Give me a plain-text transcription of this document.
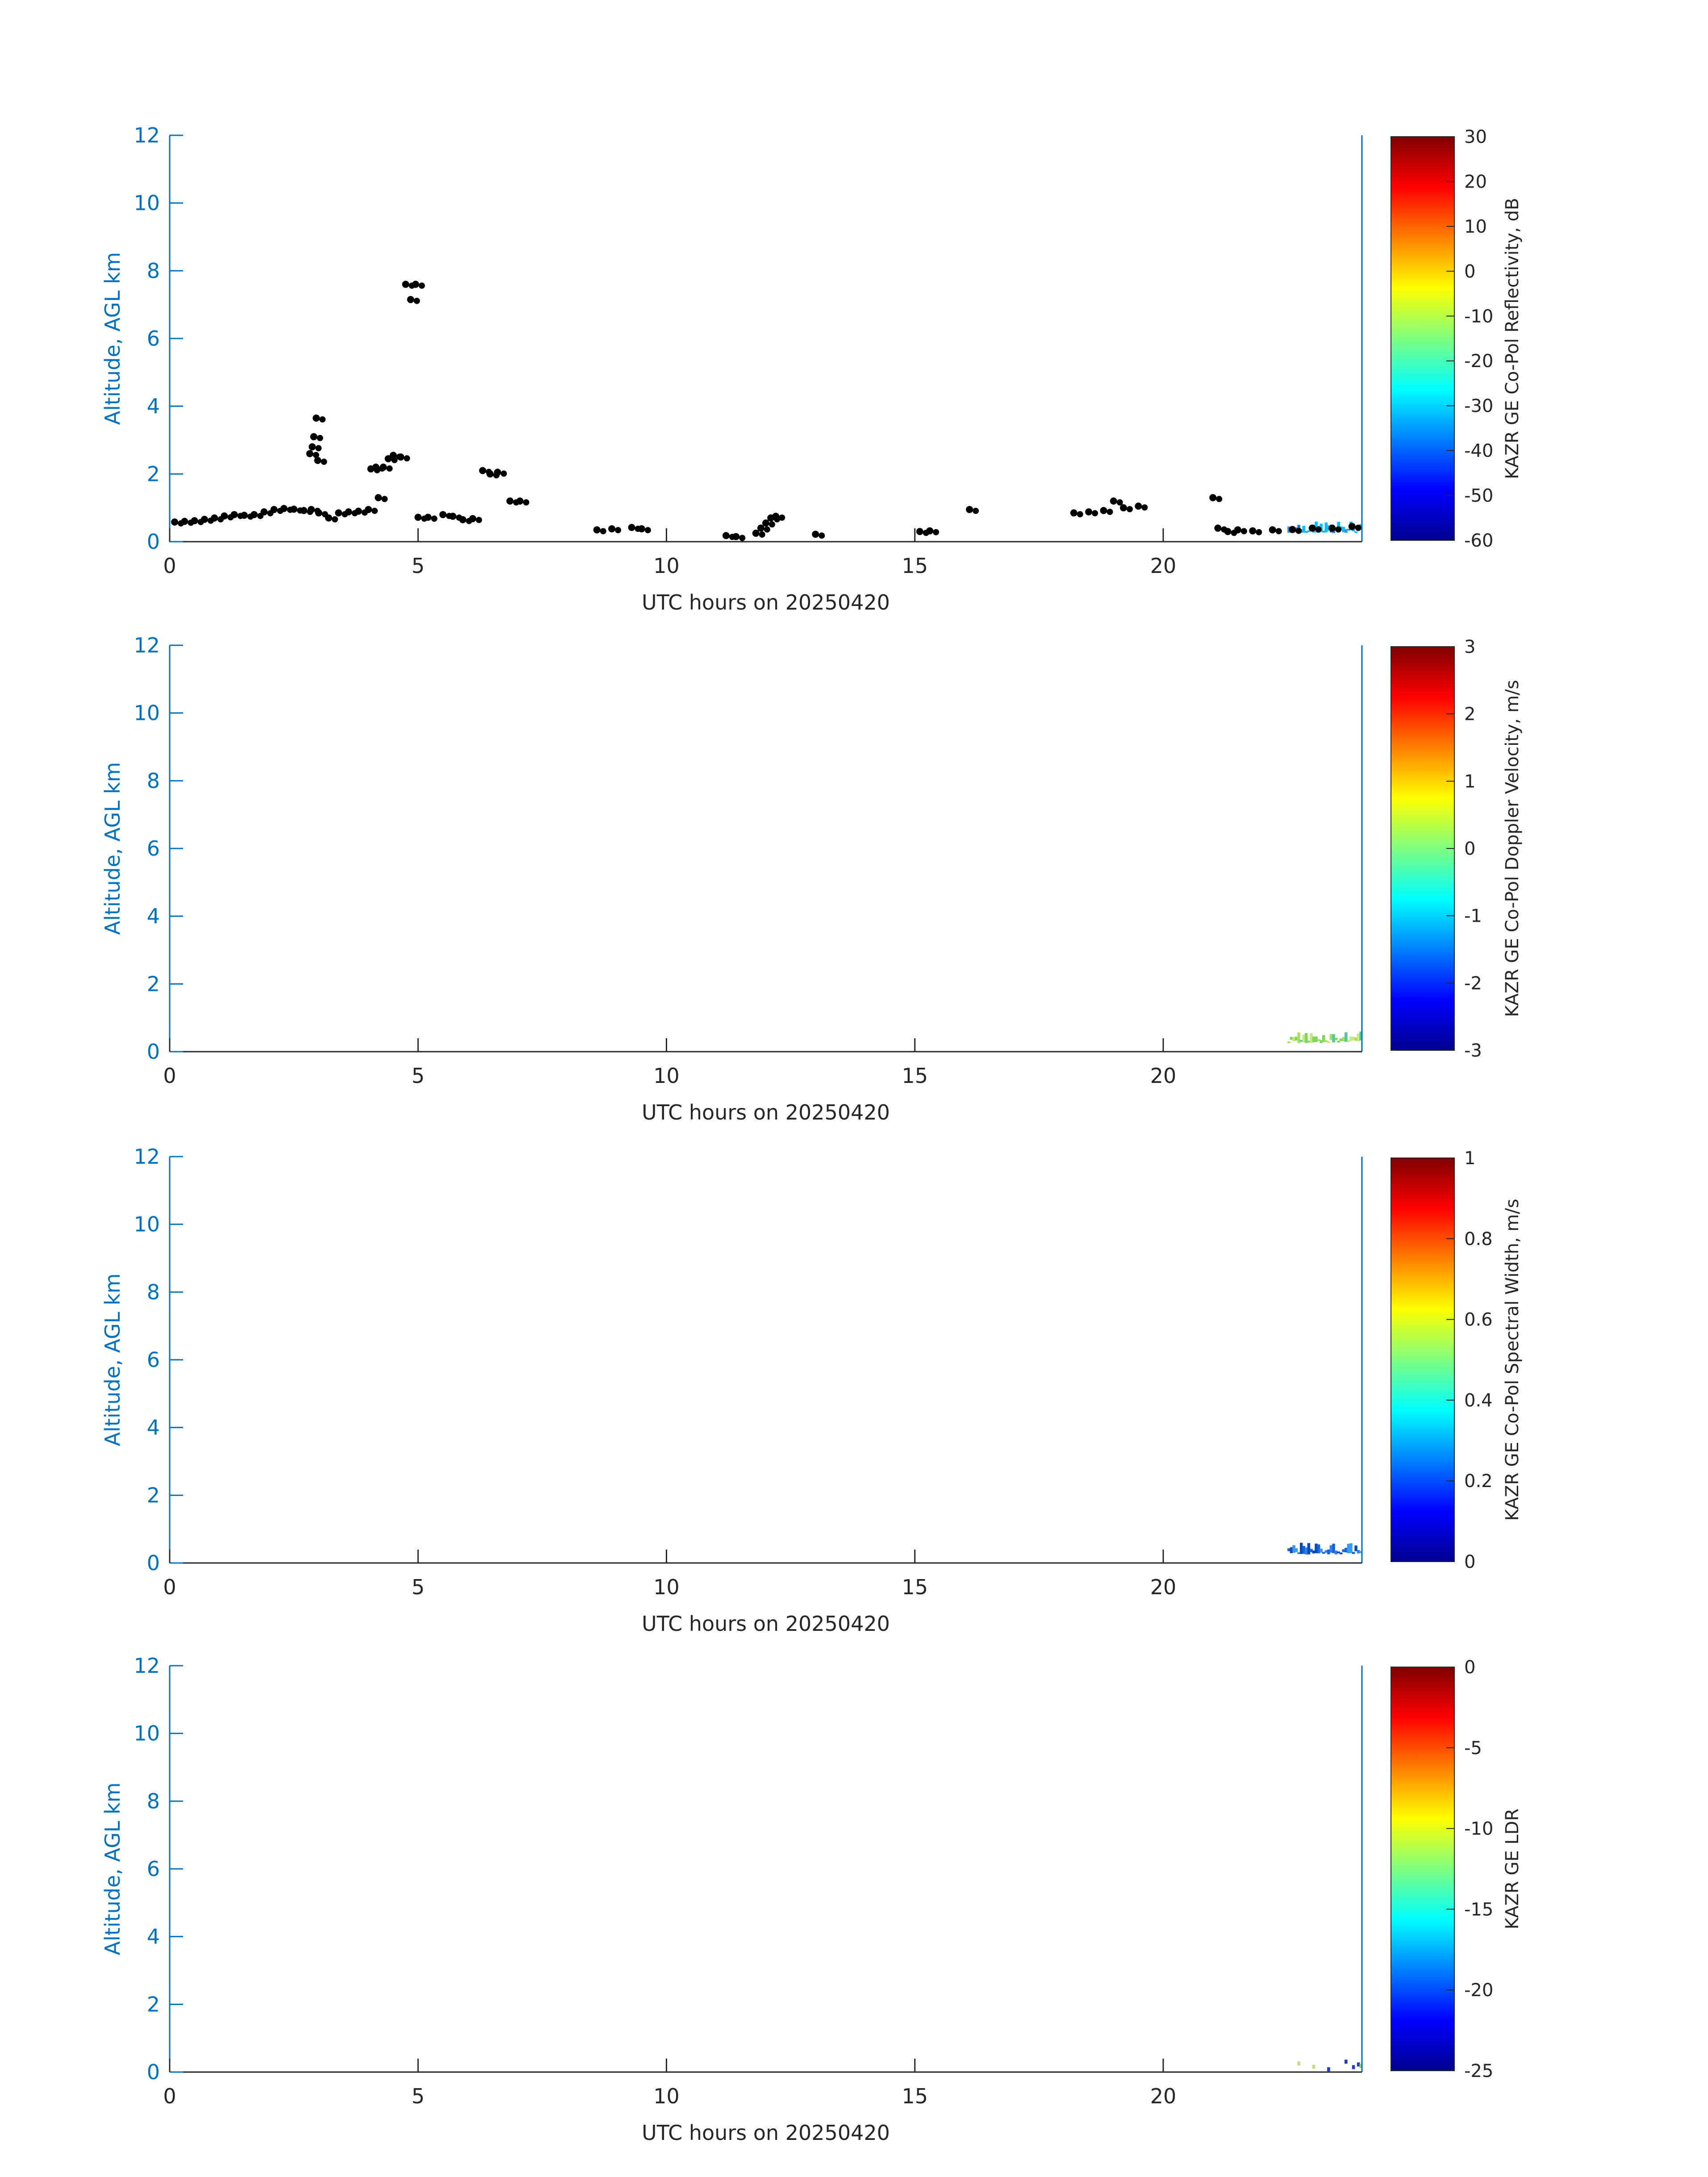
0
2
4
6
8
10
12
0	5	10	15	20
UTC hours on 20250420
Altitude, AGL km
30
20
10
0
-10
-20
-30
-40
-50
-60
KAZR GE Co-Pol Reflectivity, dB
0
2
4
6
8
10
12
0	5	10	15	20
UTC hours on 20250420
Altitude, AGL km
3
2
1
0
-1
-2
-3
KAZR GE Co-Pol Doppler Velocity, m/s
0
2
4
6
8
10
12
0	5	10	15	20
UTC hours on 20250420
Altitude, AGL km
1
0.8
0.6
0.4
0.2
0
KAZR GE Co-Pol Spectral Width, m/s
0
2
4
6
8
10
12
0	5	10	15	20
UTC hours on 20250420
Altitude, AGL km
0
-5
-10
-15
-20
-25
KAZR GE LDR
